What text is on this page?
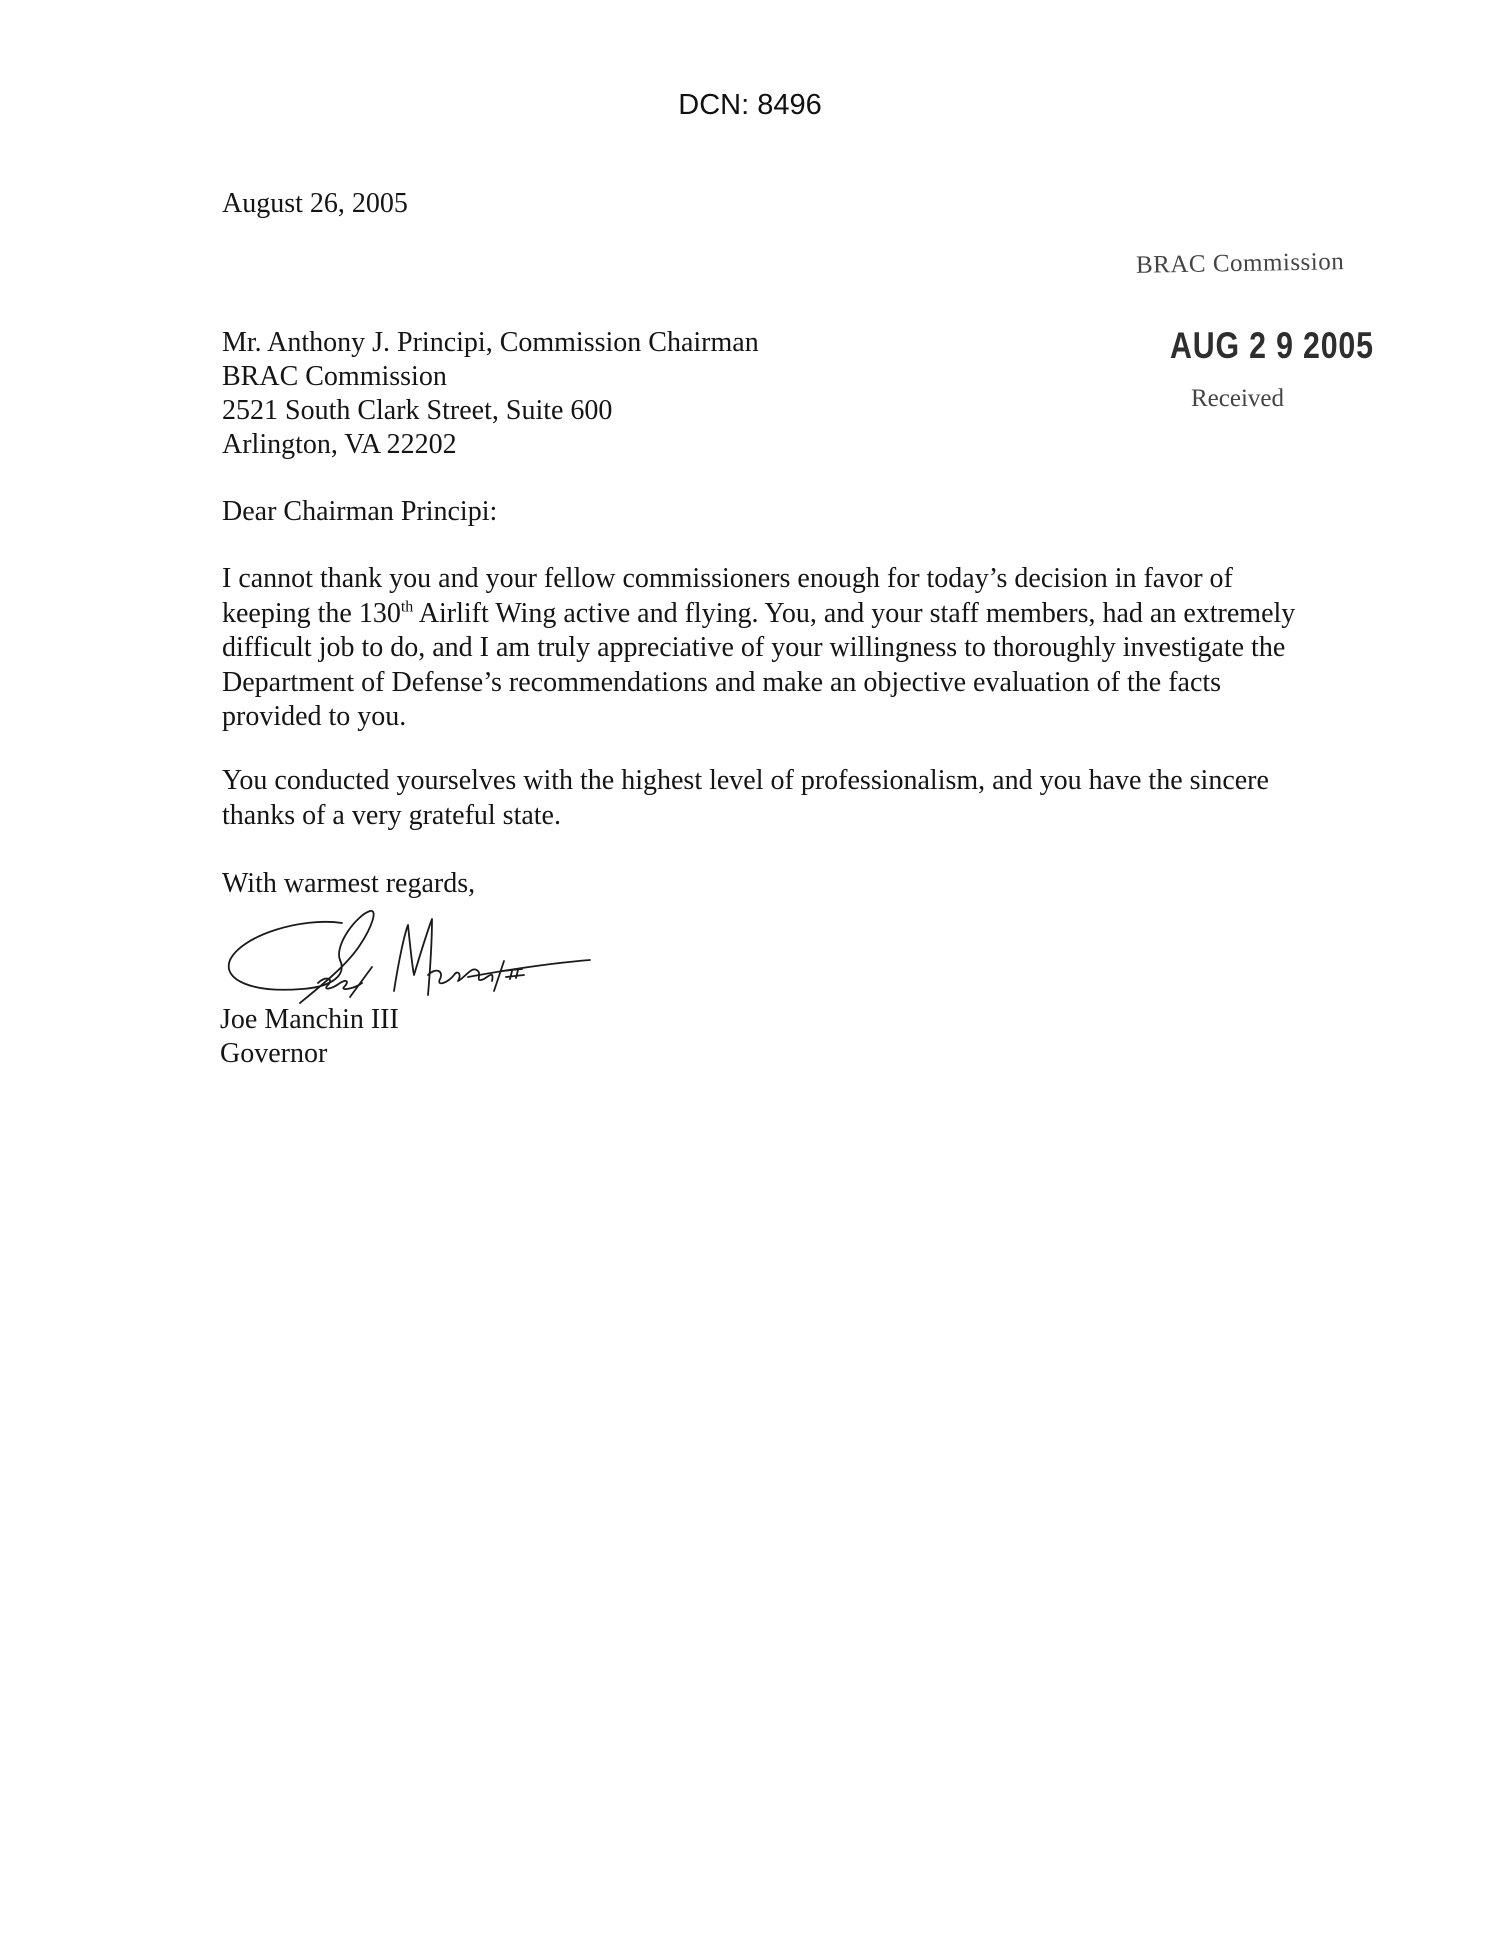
DCN: 8496
August 26, 2005
BRAC Commission
AUG 2 9 2005
Received
Mr. Anthony J. Principi, Commission Chairman
BRAC Commission
2521 South Clark Street, Suite 600
Arlington, VA 22202
Dear Chairman Principi:

I cannot thank you and your fellow commissioners enough for today’s decision in favor of keeping the 130th Airlift Wing active and flying. You, and your staff members, had an extremely difficult job to do, and I am truly appreciative of your willingness to thoroughly investigate the Department of Defense’s recommendations and make an objective evaluation of the facts provided to you.

You conducted yourselves with the highest level of professionalism, and you have the sincere thanks of a very grateful state.

With warmest regards,
Joe Manchin III
Joe Manchin III
Governor
